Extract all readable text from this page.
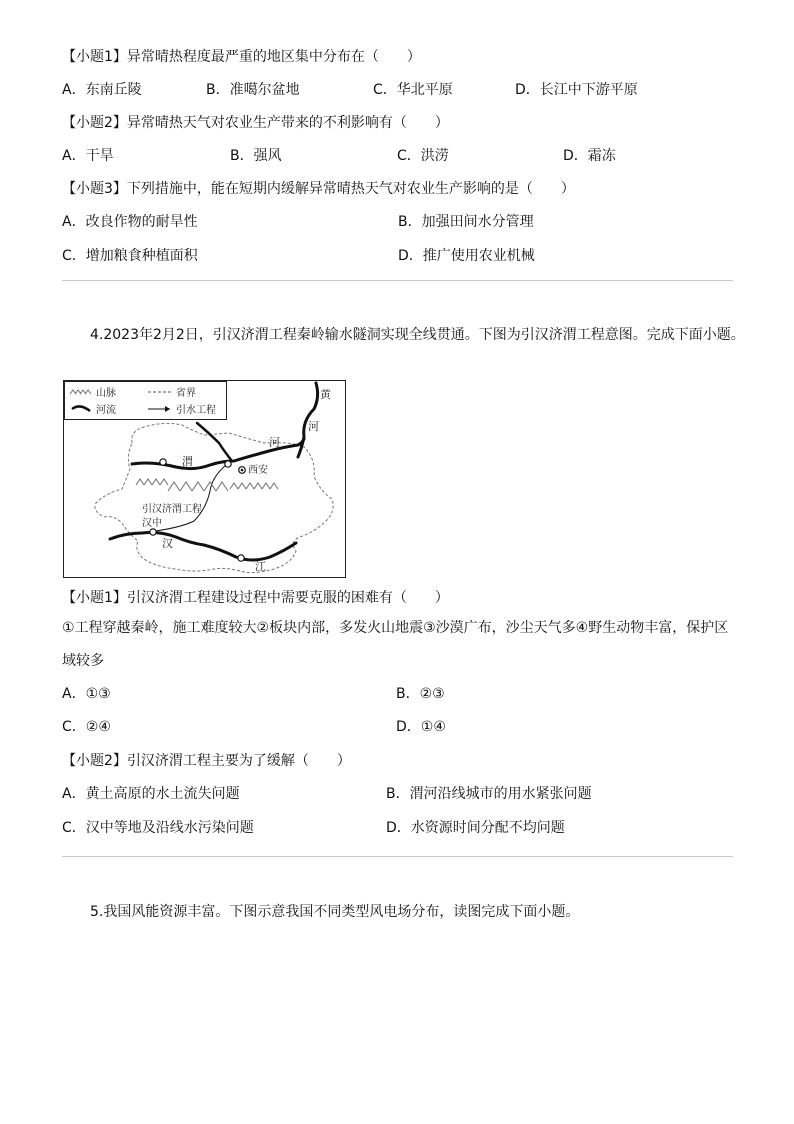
【小题1】异常晴热程度最严重的地区集中分布在（　　）
A．东南丘陵	B．准噶尔盆地	C．华北平原	D．长江中下游平原
【小题2】异常晴热天气对农业生产带来的不利影响有（　　）
A．干旱	B．强风	C．洪涝	D．霜冻
【小题3】下列措施中，能在短期内缓解异常晴热天气对农业生产影响的是（　　）
A．改良作物的耐旱性	B．加强田间水分管理
C．增加粮食种植面积	D．推广使用农业机械
4.2023年2月2日，引汉济渭工程秦岭输水隧洞实现全线贯通。下图为引汉济渭工程意图。完成下面小题。
山脉	省界
河流	引水工程
黄
河
河
渭
西安
引汉济渭工程
汉中
汉
江
【小题1】引汉济渭工程建设过程中需要克服的困难有（　　）
①工程穿越秦岭，施工难度较大②板块内部，多发火山地震③沙漠广布，沙尘天气多④野生动物丰富，保护区
域较多
A．①③	B．②③
C．②④	D．①④
【小题2】引汉济渭工程主要为了缓解（　　）
A．黄土高原的水土流失问题	B．渭河沿线城市的用水紧张问题
C．汉中等地及沿线水污染问题	D．水资源时间分配不均问题
5.我国风能资源丰富。下图示意我国不同类型风电场分布，读图完成下面小题。
